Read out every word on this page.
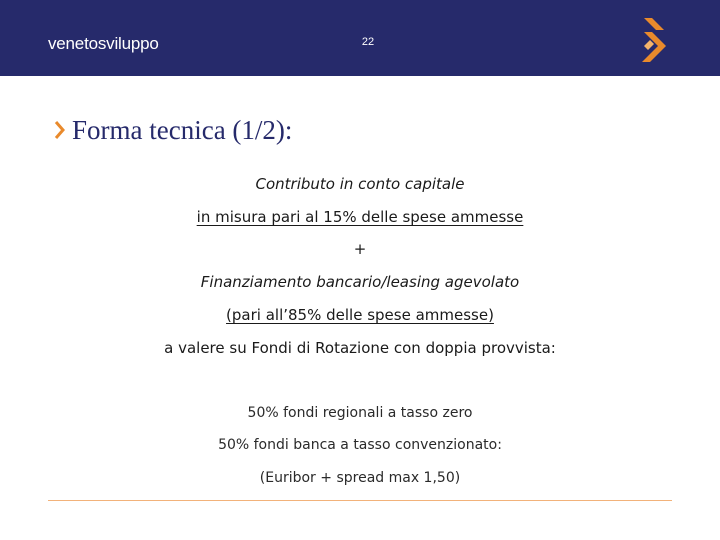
venetosviluppo	22
Forma tecnica (1/2):
Contributo in conto capitale
in misura pari al 15% delle spese ammesse
+
Finanziamento bancario/leasing agevolato
(pari all’85% delle spese ammesse)
a valere su Fondi di Rotazione con doppia provvista:
50% fondi regionali a tasso zero
50% fondi banca a tasso convenzionato:
(Euribor + spread max 1,50)
